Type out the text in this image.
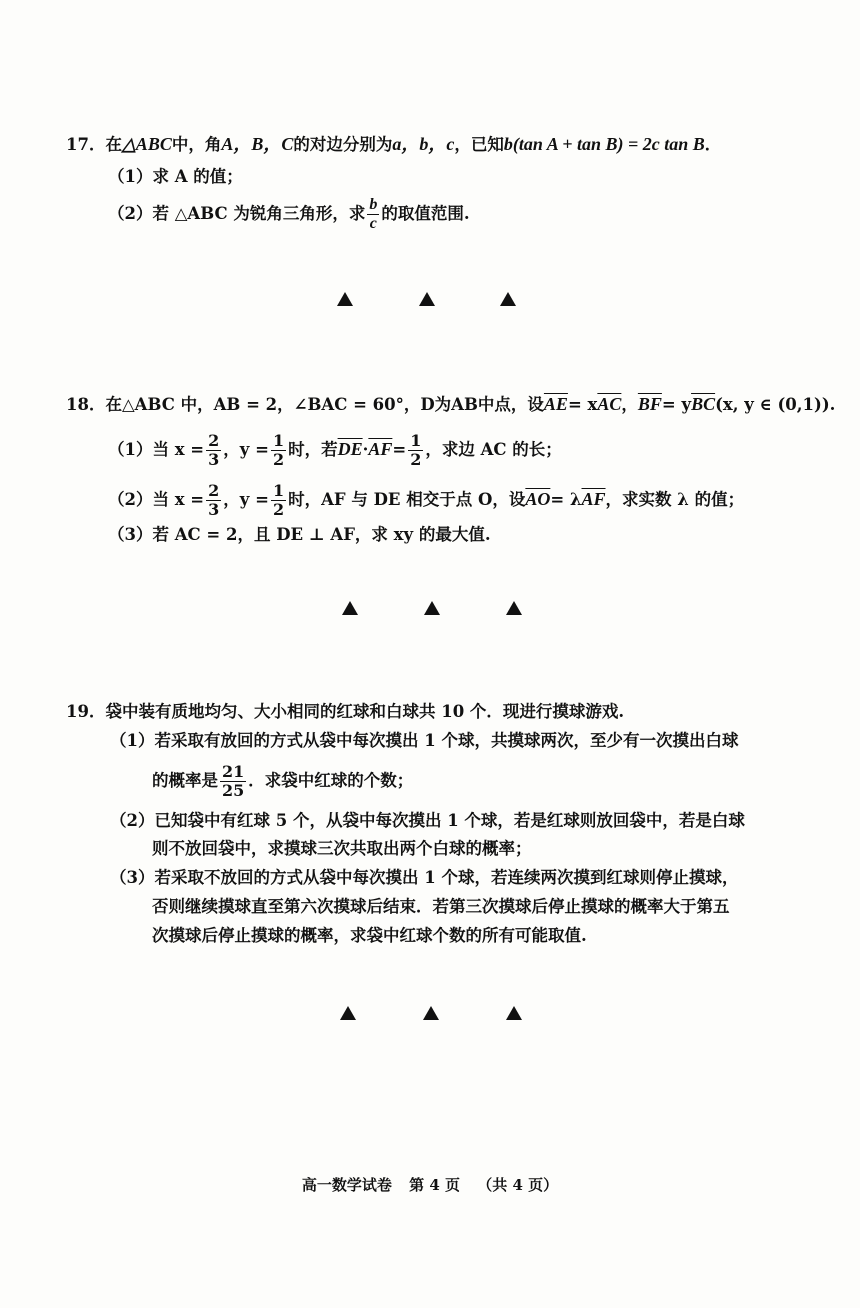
17．在△ABC中，角A，B，C的对边分别为a，b，c，已知b(tan A + tan B) = 2c tan B．
（1）求 A 的值；
（2）若 △ABC 为锐角三角形，求 $\frac{b}{c}$ 的取值范围.
18．在△ABC 中，AB = 2，∠BAC = 60°，D为AB中点，设$\overline{AE}= x\overline{AC}$，$\overline{BF}= y\overline{BC}(x$, y ∈ (0,1)).
（1）当 $x = \frac{2}{3}$ ，$y = \frac{1}{2}$ 时，若$\overline{DE}\cdot\overline{AF}= \frac{1}{2}$ ，求边 AC 的长；
（2）当 $x = \frac{2}{3}$ ，$y = \frac{1}{2}$ 时，AF 与 DE 相交于点 O，设$\overline{AO}= \lambda\overline{AF}$，求实数 λ 的值；
（3）若 AC = 2，且 DE ⊥ AF，求 xy 的最大值.
19．袋中装有质地均匀、大小相同的红球和白球共 10 个．现进行摸球游戏.
（1）若采取有放回的方式从袋中每次摸出 1 个球，共摸球两次，至少有一次摸出白球
的概率是 $\frac{21}{25}$ ．求袋中红球的个数；
（2）已知袋中有红球 5 个，从袋中每次摸出 1 个球，若是红球则放回袋中，若是白球
则不放回袋中，求摸球三次共取出两个白球的概率；
（3）若采取不放回的方式从袋中每次摸出 1 个球，若连续两次摸到红球则停止摸球，
否则继续摸球直至第六次摸球后结束．若第三次摸球后停止摸球的概率大于第五
次摸球后停止摸球的概率，求袋中红球个数的所有可能取值.
高一数学试卷 第 4 页 （共 4 页）
